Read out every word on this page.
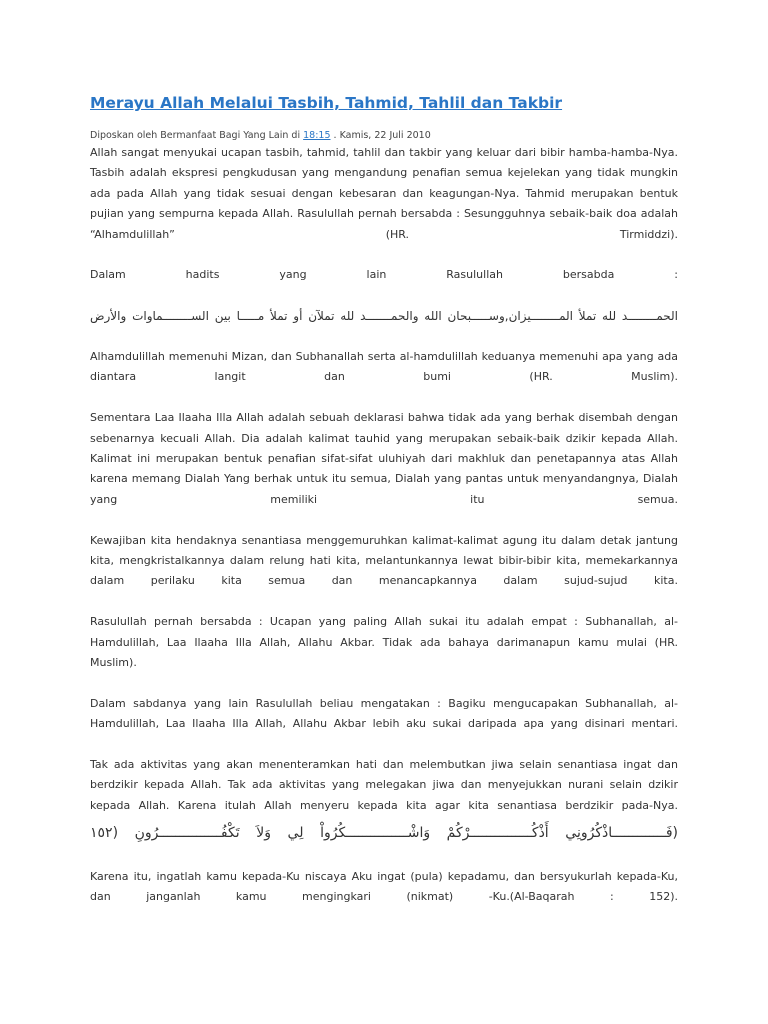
Merayu Allah Melalui Tasbih, Tahmid, Tahlil dan Takbir

Diposkan oleh Bermanfaat Bagi Yang Lain di 18:15 . Kamis, 22 Juli 2010

Allah sangat menyukai ucapan tasbih, tahmid, tahlil dan takbir yang keluar dari bibir hamba-hamba-Nya.
Tasbih adalah ekspresi pengkudusan yang mengandung penafian semua kejelekan yang tidak mungkin
ada pada Allah yang tidak sesuai dengan kebesaran dan keagungan-Nya. Tahmid merupakan bentuk
pujian yang sempurna kepada Allah. Rasulullah pernah bersabda : Sesungguhnya sebaik-baik doa adalah
“Alhamdulillah” (HR. Tirmiddzi).

Dalam hadits yang lain Rasulullah bersabda :

الحمــــــــد لله تملأ المــــــــيزان,وســـــبحان الله والحمـــــــد لله تملآن أو تملأ مـــــا بين الســــــــماوات والأرض

Alhamdulillah memenuhi Mizan, dan Subhanallah serta al-hamdulillah keduanya memenuhi apa yang ada
diantara langit dan bumi (HR. Muslim).

Sementara Laa Ilaaha Illa Allah adalah sebuah deklarasi bahwa tidak ada yang berhak disembah dengan
sebenarnya kecuali Allah. Dia adalah kalimat tauhid yang merupakan sebaik-baik dzikir kepada Allah.
Kalimat ini merupakan bentuk penafian sifat-sifat uluhiyah dari makhluk dan penetapannya atas Allah
karena memang Dialah Yang berhak untuk itu semua, Dialah yang pantas untuk menyandangnya, Dialah
yang memiliki itu semua.

Kewajiban kita hendaknya senantiasa menggemuruhkan kalimat-kalimat agung itu dalam detak jantung
kita, mengkristalkannya dalam relung hati kita, melantunkannya lewat bibir-bibir kita, memekarkannya
dalam perilaku kita semua dan menancapkannya dalam sujud-sujud kita.

Rasulullah pernah bersabda : Ucapan yang paling Allah sukai itu adalah empat : Subhanallah, al-
Hamdulillah, Laa Ilaaha Illa Allah, Allahu Akbar. Tidak ada bahaya darimanapun kamu mulai (HR.
Muslim).

Dalam sabdanya yang lain Rasulullah beliau mengatakan : Bagiku mengucapakan Subhanallah, al-
Hamdulillah, Laa Ilaaha Illa Allah, Allahu Akbar lebih aku sukai daripada apa yang disinari mentari.

Tak ada aktivitas yang akan menenteramkan hati dan melembutkan jiwa selain senantiasa ingat dan
berdzikir kepada Allah. Tak ada aktivitas yang melegakan jiwa dan menyejukkan nurani selain dzikir
kepada Allah. Karena itulah Allah menyeru kepada kita agar kita senantiasa berdzikir pada-Nya.

(فَـــــــــــــاذْكُرُونِي أَذْكُـــــــــــــــرْكُمْ وَاشْـــــــــــــــكُرُواْ لِي وَلاَ تَكْفُـــــــــــــــرُونِ (١٥٢

Karena itu, ingatlah kamu kepada-Ku niscaya Aku ingat (pula) kepadamu, dan bersyukurlah kepada-Ku,
dan janganlah kamu mengingkari (nikmat) -Ku.(Al-Baqarah : 152).
